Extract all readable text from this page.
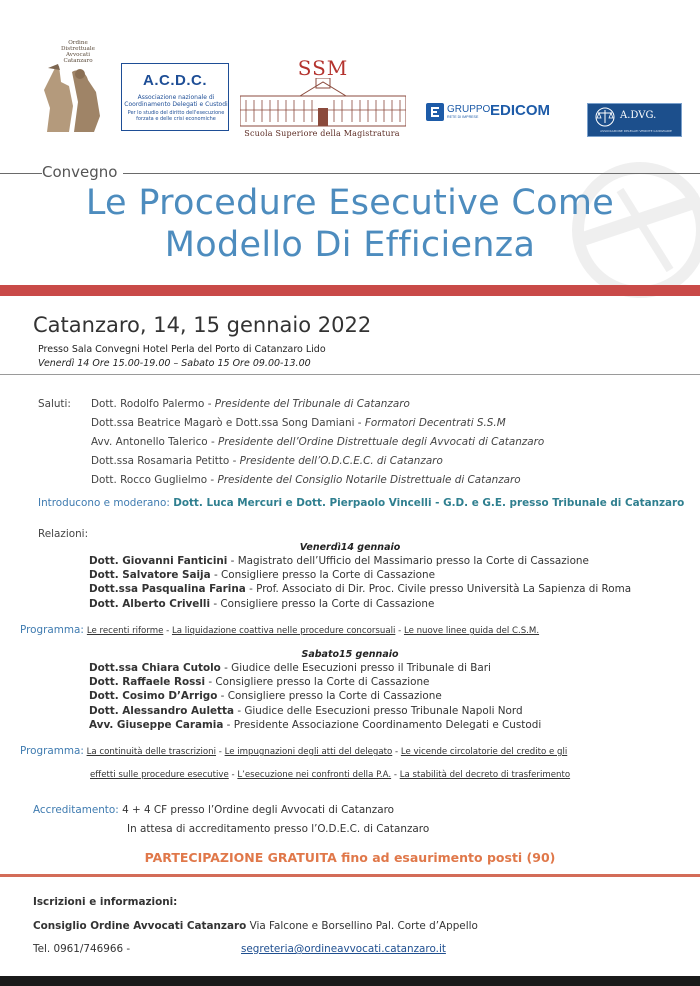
Ordine
Distrettuale
Avvocati
Catanzaro
A.C.D.C.
Associazione nazionale di Coordinamento Delegati e Custodi
Per lo studio del diritto dell'esecuzione forzata e delle crisi economiche
SSM
Scuola Superiore della Magistratura
GRUPPO
RETE DI IMPRESE EDICOM	A.DVG.
ASSOCIAZIONE DELEGATI VENDITE GIUDIZIARIE
Convegno
Le Procedure Esecutive Come
Modello Di Efficienza
Catanzaro, 14, 15 gennaio 2022
Presso Sala Convegni Hotel Perla del Porto di Catanzaro Lido
Venerdì 14 Ore 15.00-19.00 – Sabato 15 Ore 09.00-13.00
Saluti: Dott. Rodolfo Palermo - Presidente del Tribunale di Catanzaro
Dott.ssa Beatrice Magarò e Dott.ssa Song Damiani - Formatori Decentrati S.S.M
Avv. Antonello Talerico - Presidente dell’Ordine Distrettuale degli Avvocati di Catanzaro
Dott.ssa Rosamaria Petitto - Presidente dell’O.D.C.E.C. di Catanzaro
Dott. Rocco Guglielmo - Presidente del Consiglio Notarile Distrettuale di Catanzaro
Introducono e moderano: Dott. Luca Mercuri e Dott. Pierpaolo Vincelli - G.D. e G.E. presso Tribunale di Catanzaro
Relazioni:
Venerdì14 gennaio
Dott. Giovanni Fanticini - Magistrato dell’Ufficio del Massimario presso la Corte di Cassazione
Dott. Salvatore Saija - Consigliere presso la Corte di Cassazione
Dott.ssa Pasqualina Farina - Prof. Associato di Dir. Proc. Civile presso Università La Sapienza di Roma
Dott. Alberto Crivelli - Consigliere presso la Corte di Cassazione
Programma: Le recenti riforme - La liquidazione coattiva nelle procedure concorsuali - Le nuove linee guida del C.S.M.
Sabato15 gennaio
Dott.ssa Chiara Cutolo - Giudice delle Esecuzioni presso il Tribunale di Bari
Dott. Raffaele Rossi - Consigliere presso la Corte di Cassazione
Dott. Cosimo D’Arrigo - Consigliere presso la Corte di Cassazione
Dott. Alessandro Auletta - Giudice delle Esecuzioni presso Tribunale Napoli Nord
Avv. Giuseppe Caramia - Presidente Associazione Coordinamento Delegati e Custodi
Programma: La continuità delle trascrizioni - Le impugnazioni degli atti del delegato - Le vicende circolatorie del credito e gli
effetti sulle procedure esecutive - L’esecuzione nei confronti della P.A. - La stabilità del decreto di trasferimento
Accreditamento: 4 + 4 CF presso l’Ordine degli Avvocati di Catanzaro
In attesa di accreditamento presso l’O.D.E.C. di Catanzaro
PARTECIPAZIONE GRATUITA fino ad esaurimento posti (90)
Iscrizioni e informazioni:
Consiglio Ordine Avvocati Catanzaro Via Falcone e Borsellino Pal. Corte d’Appello
Tel. 0961/746966 -	segreteria@ordineavvocati.catanzaro.it
